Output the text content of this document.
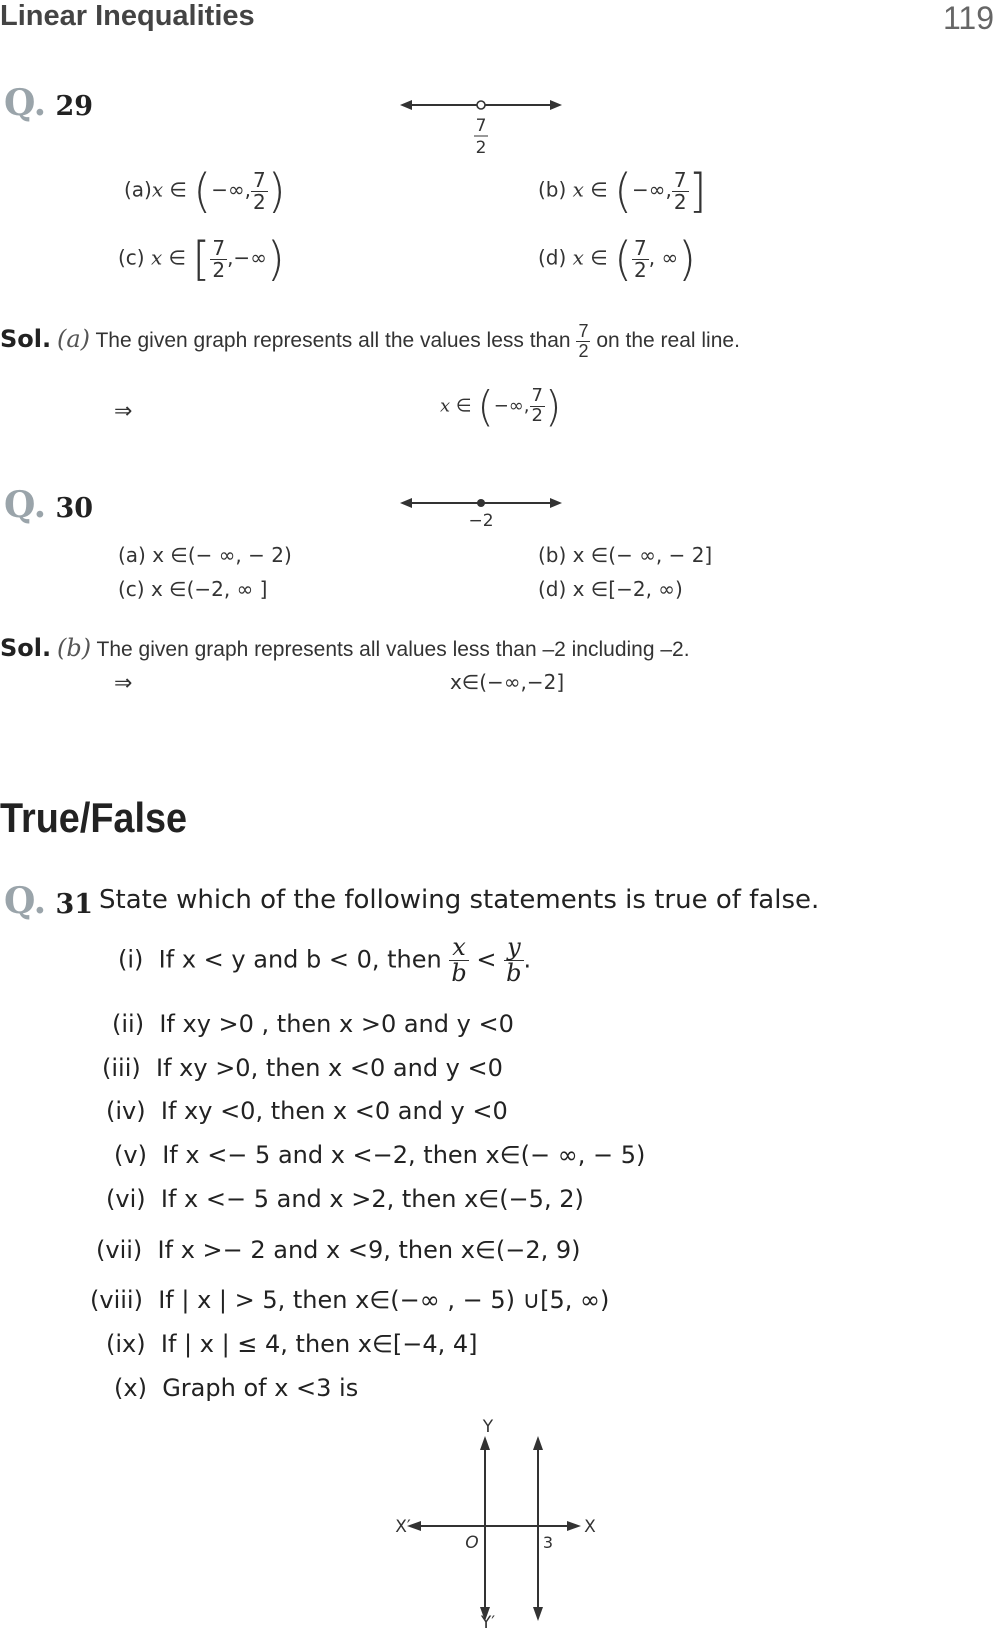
Linear Inequalities	119
Q. 29
7
2
(a)x ∈ (−∞, $\frac{7}{2}$ )	(b) x ∈ (−∞, $\frac{7}{2}$ ]
(c) x ∈ [ $\frac{7}{2}$ ,−∞)	(d) x ∈ ( $\frac{7}{2}$ , ∞)
Sol. (a) The given graph represents all the values less than $\frac{7}{2}$ on the real line.
⇒	x ∈ (−∞, $\frac{7}{2}$ )
Q. 30	−2
(a) x ∈(− ∞, − 2)	(b) x ∈(− ∞, − 2]
(c) x ∈(−2, ∞ ]	(d) x ∈[−2, ∞)
Sol. (b) The given graph represents all values less than –2 including –2.
⇒	x∈(−∞,−2]
True/False
Q. 31 State which of the following statements is true of false.
(i) If x < y and b < 0, then $\frac{x}{b} < \frac{y}{b}$ .
(ii) If xy >0 , then x >0 and y <0
(iii) If xy >0, then x <0 and y <0
(iv) If xy <0, then x <0 and y <0
(v) If x <− 5 and x <−2, then x∈(− ∞, − 5)
(vi) If x <− 5 and x >2, then x∈(−5, 2)
(vii) If x >− 2 and x <9, then x∈(−2, 9)
(viii) If | x | > 5, then x∈(−∞ , − 5) ∪[5, ∞)
(ix) If | x | ≤ 4, then x∈[−4, 4]
(x) Graph of x <3 is
Y
Y′
X
X′
O	3
